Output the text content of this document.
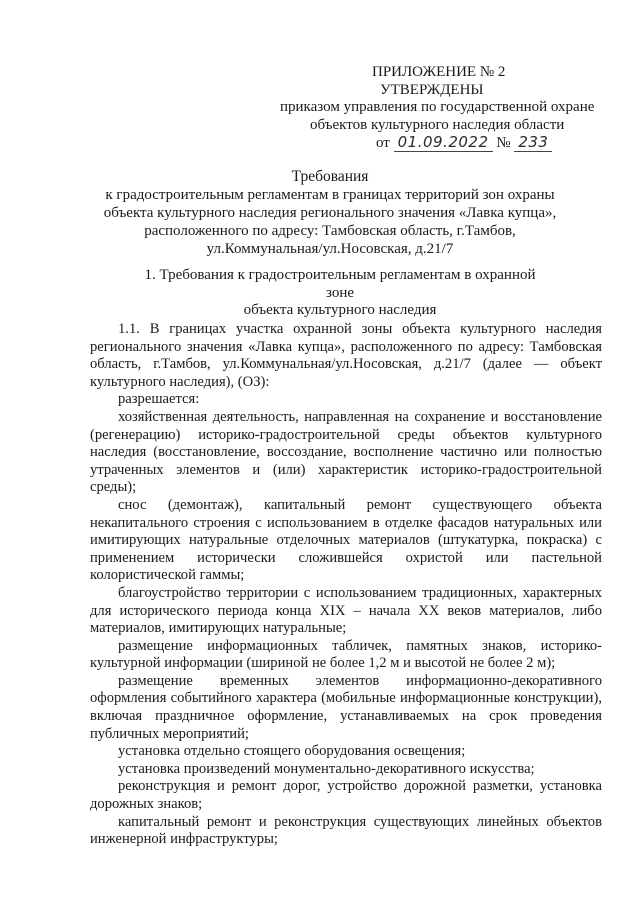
ПРИЛОЖЕНИЕ № 2
УТВЕРЖДЕНЫ
приказом управления по государственной охране
объектов культурного наследия области
от 01.09.2022 № 233
Требования
к градостроительным регламентам в границах территорий зон охраны
объекта культурного наследия регионального значения «Лавка купца»,
расположенного по адресу: Тамбовская область, г.Тамбов,
ул.Коммунальная/ул.Носовская, д.21/7
1. Требования к градостроительным регламентам в охранной зоне
объекта культурного наследия

1.1. В границах участка охранной зоны объекта культурного наследия регионального значения «Лавка купца», расположенного по адресу: Тамбовская область, г.Тамбов, ул.Коммунальная/ул.Носовская, д.21/7 (далее –– объект культурного наследия), (ОЗ):

разрешается:

хозяйственная деятельность, направленная на сохранение и восстановление (регенерацию) историко-градостроительной среды объектов культурного наследия (восстановление, воссоздание, восполнение частично или полностью утраченных элементов и (или) характеристик историко-градостроительной среды);

снос (демонтаж), капитальный ремонт существующего объекта некапитального строения с использованием в отделке фасадов натуральных или имитирующих натуральные отделочных материалов (штукатурка, покраска) с применением исторически сложившейся охристой или пастельной колористической гаммы;

благоустройство территории с использованием традиционных, характерных для исторического периода конца XIX – начала XX веков материалов, либо материалов, имитирующих натуральные;

размещение информационных табличек, памятных знаков, историко-культурной информации (шириной не более 1,2 м и высотой не более 2 м);

размещение временных элементов информационно-декоративного оформления событийного характера (мобильные информационные конструкции), включая праздничное оформление, устанавливаемых на срок проведения публичных мероприятий;

установка отдельно стоящего оборудования освещения;

установка произведений монументально-декоративного искусства;

реконструкция и ремонт дорог, устройство дорожной разметки, установка дорожных знаков;

капитальный ремонт и реконструкция существующих линейных объектов инженерной инфраструктуры;
